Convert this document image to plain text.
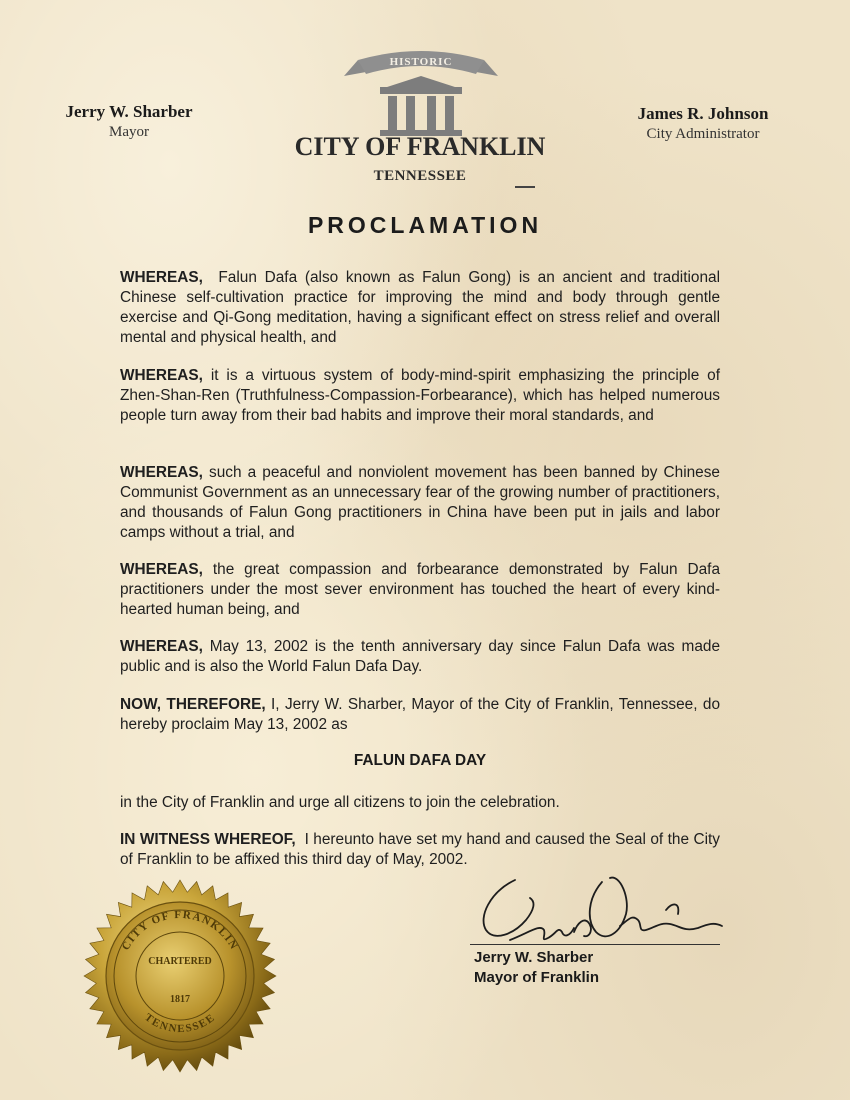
Jerry W. Sharber
Mayor
James R. Johnson
City Administrator
HISTORIC
CITY OF FRANKLIN
TENNESSEE
PROCLAMATION
WHEREAS, Falun Dafa (also known as Falun Gong) is an ancient and traditional Chinese self-cultivation practice for improving the mind and body through gentle exercise and Qi-Gong meditation, having a significant effect on stress relief and overall mental and physical health, and
WHEREAS, it is a virtuous system of body-mind-spirit emphasizing the principle of Zhen-Shan-Ren (Truthfulness-Compassion-Forbearance), which has helped numerous people turn away from their bad habits and improve their moral standards, and
WHEREAS, such a peaceful and nonviolent movement has been banned by Chinese Communist Government as an unnecessary fear of the growing number of practitioners, and thousands of Falun Gong practitioners in China have been put in jails and labor camps without a trial, and
WHEREAS, the great compassion and forbearance demonstrated by Falun Dafa practitioners under the most sever environment has touched the heart of every kind-hearted human being, and
WHEREAS, May 13, 2002 is the tenth anniversary day since Falun Dafa was made public and is also the World Falun Dafa Day.
NOW, THEREFORE, I, Jerry W. Sharber, Mayor of the City of Franklin, Tennessee, do hereby proclaim May 13, 2002 as
FALUN DAFA DAY
in the City of Franklin and urge all citizens to join the celebration.
IN WITNESS WHEREOF, I hereunto have set my hand and caused the Seal of the City of Franklin to be affixed this third day of May, 2002.
CITY OF FRANKLIN
TENNESSEE
CHARTERED
1817
Jerry W. Sharber
Mayor of Franklin
